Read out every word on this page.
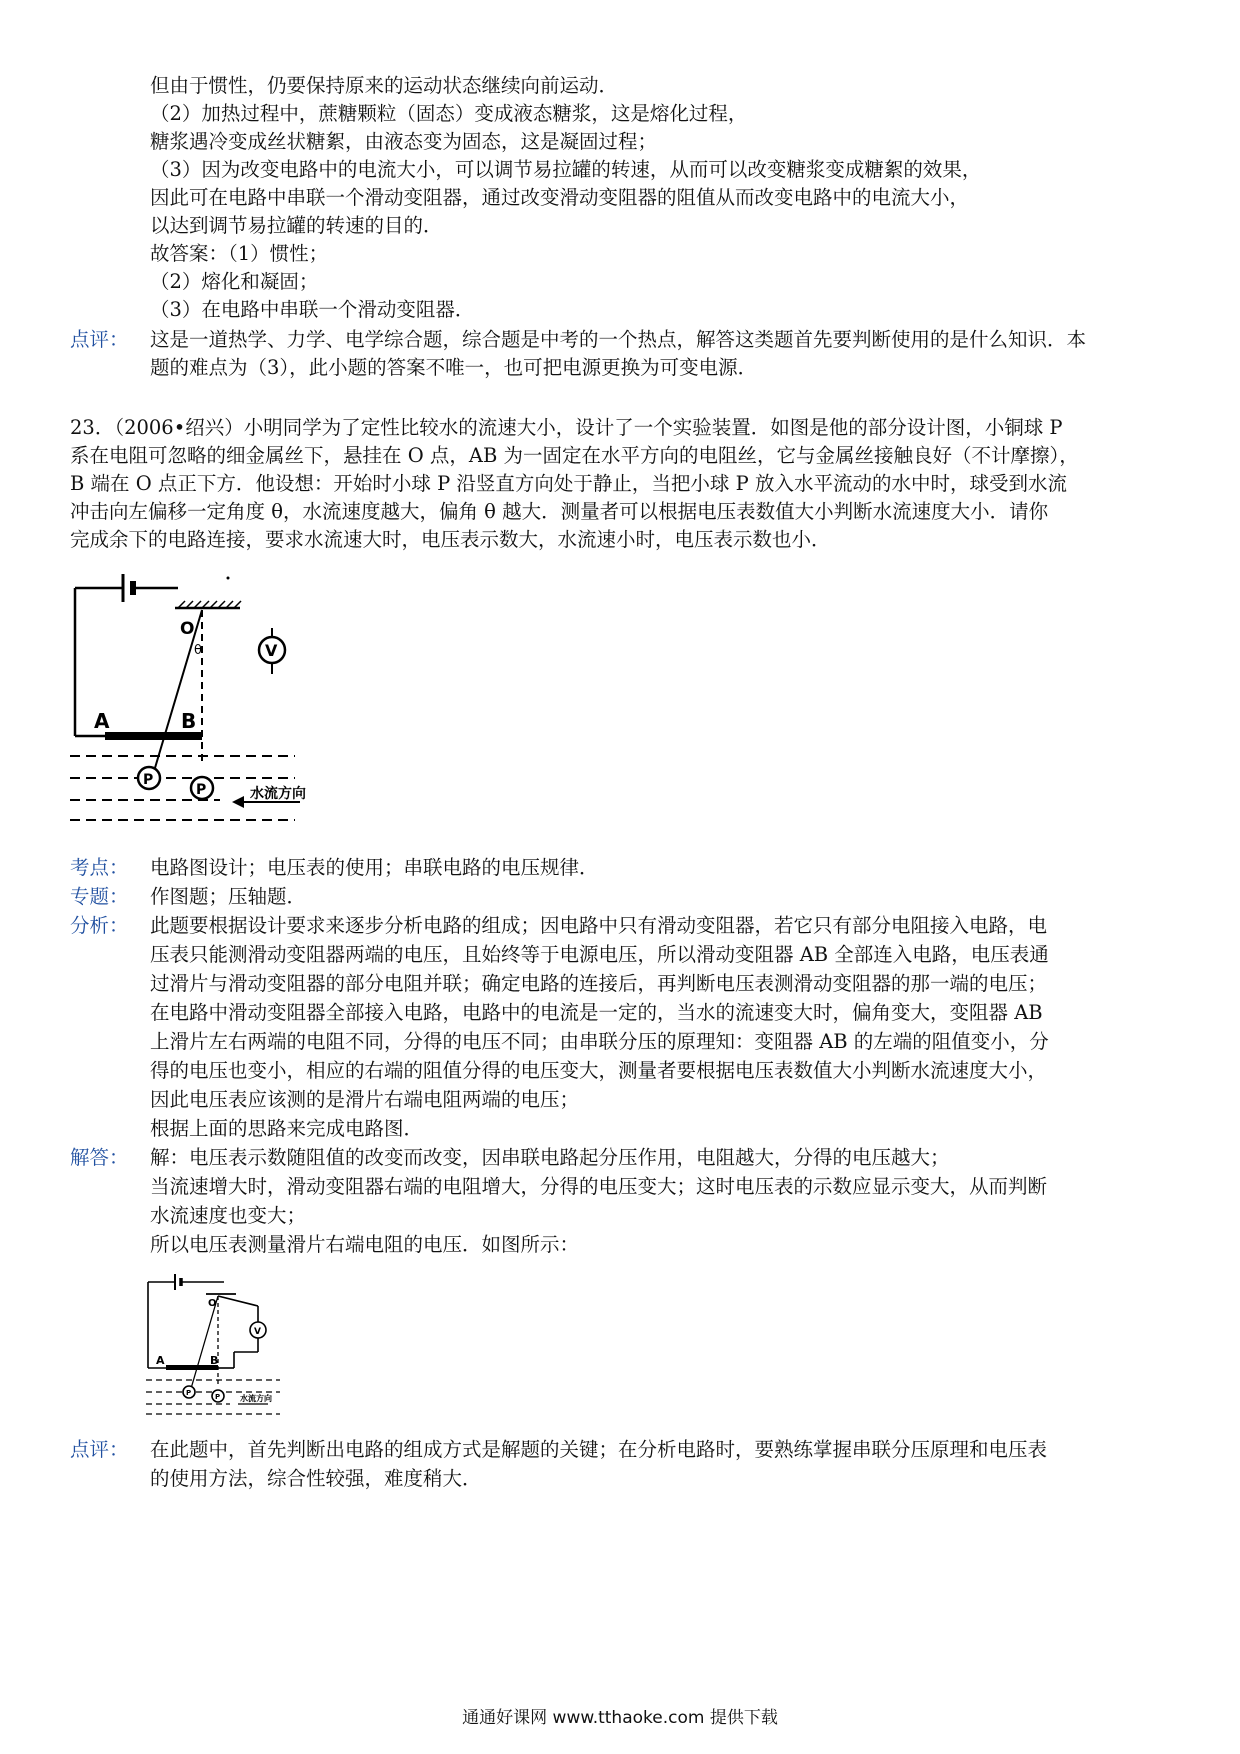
但由于惯性，仍要保持原来的运动状态继续向前运动．
（2）加热过程中，蔗糖颗粒（固态）变成液态糖浆，这是熔化过程，
糖浆遇冷变成丝状糖絮，由液态变为固态，这是凝固过程；
（3）因为改变电路中的电流大小，可以调节易拉罐的转速，从而可以改变糖浆变成糖絮的效果，
因此可在电路中串联一个滑动变阻器，通过改变滑动变阻器的阻值从而改变电路中的电流大小，
以达到调节易拉罐的转速的目的．
故答案：（1）惯性；
（2）熔化和凝固；
（3）在电路中串联一个滑动变阻器．
点评： 这是一道热学、力学、电学综合题，综合题是中考的一个热点，解答这类题首先要判断使用的是什么知识．本
题的难点为（3），此小题的答案不唯一，也可把电源更换为可变电源．
23．（2006•绍兴）小明同学为了定性比较水的流速大小，设计了一个实验装置．如图是他的部分设计图，小铜球 P
系在电阻可忽略的细金属丝下，悬挂在 O 点，AB 为一固定在水平方向的电阻丝，它与金属丝接触良好（不计摩擦），
B 端在 O 点正下方．他设想：开始时小球 P 沿竖直方向处于静止，当把小球 P 放入水平流动的水中时，球受到水流
冲击向左偏移一定角度 θ，水流速度越大，偏角 θ 越大．测量者可以根据电压表数值大小判断水流速度大小．请你
完成余下的电路连接，要求水流速大时，电压表示数大，水流速小时，电压表示数也小．
O
θ	V
A	B
P
P	水流方向
考点： 电路图设计；电压表的使用；串联电路的电压规律．
专题： 作图题；压轴题．
分析： 此题要根据设计要求来逐步分析电路的组成；因电路中只有滑动变阻器，若它只有部分电阻接入电路，电
压表只能测滑动变阻器两端的电压，且始终等于电源电压，所以滑动变阻器 AB 全部连入电路，电压表通
过滑片与滑动变阻器的部分电阻并联；确定电路的连接后，再判断电压表测滑动变阻器的那一端的电压；
在电路中滑动变阻器全部接入电路，电路中的电流是一定的，当水的流速变大时，偏角变大，变阻器 AB
上滑片左右两端的电阻不同，分得的电压不同；由串联分压的原理知：变阻器 AB 的左端的阻值变小，分
得的电压也变小，相应的右端的阻值分得的电压变大，测量者要根据电压表数值大小判断水流速度大小，
因此电压表应该测的是滑片右端电阻两端的电压；
根据上面的思路来完成电路图．
解答： 解：电压表示数随阻值的改变而改变，因串联电路起分压作用，电阻越大，分得的电压越大；
当流速增大时，滑动变阻器右端的电阻增大，分得的电压变大；这时电压表的示数应显示变大，从而判断
水流速度也变大；
所以电压表测量滑片右端电阻的电压．如图所示：
O
V
A	B
P	P 水流方向
点评： 在此题中，首先判断出电路的组成方式是解题的关键；在分析电路时，要熟练掌握串联分压原理和电压表
的使用方法，综合性较强，难度稍大．
通通好课网 www.tthaoke.com 提供下载
